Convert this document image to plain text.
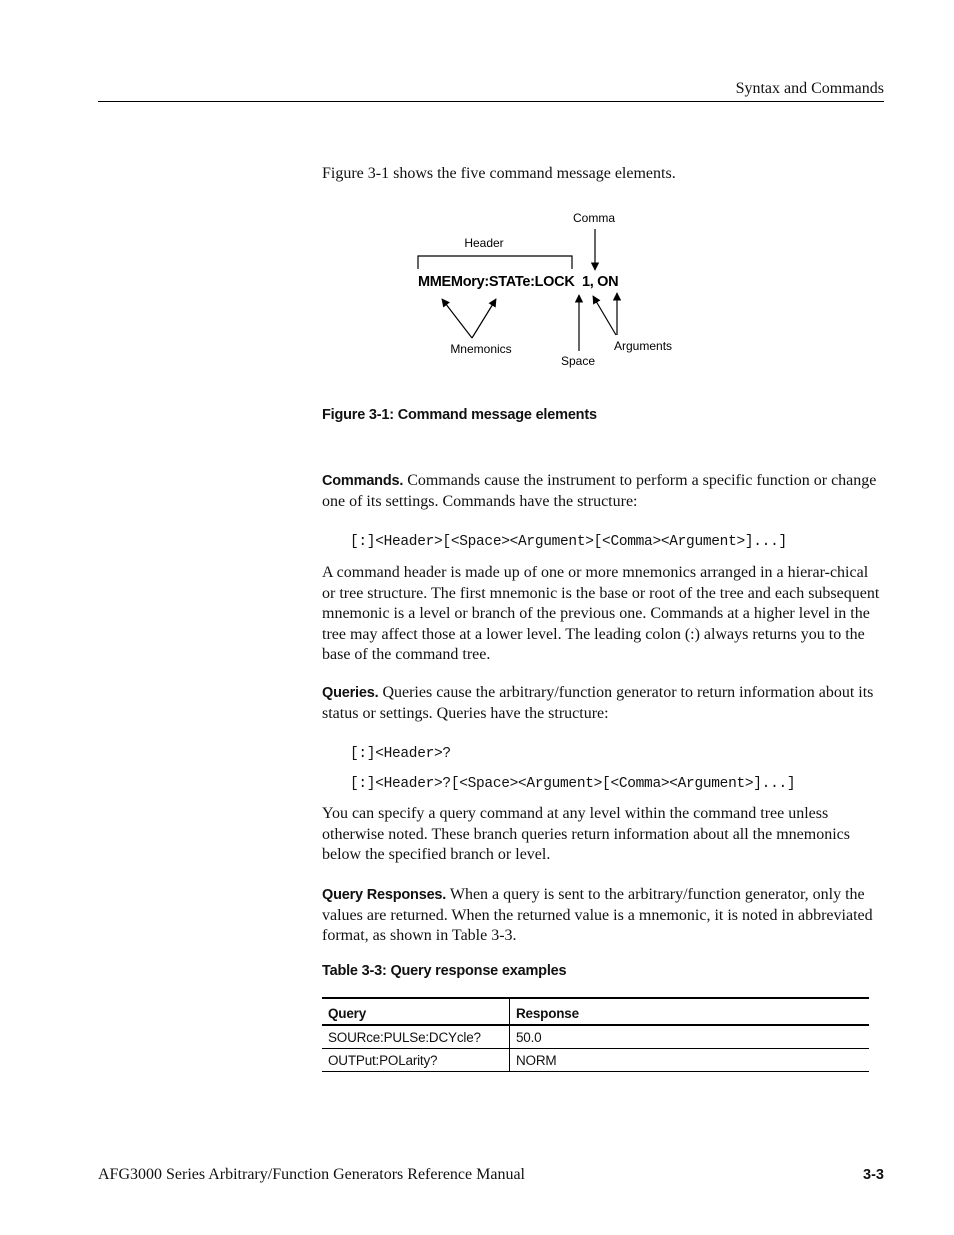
Syntax and Commands

Figure 3-1 shows the five command message elements.

Comma
Header
MMEMory:STATe:LOCK  1, ON
Mnemonics
Space
Arguments
Figure 3-1: Command message elements

Commands. Commands cause the instrument to perform a specific function or change one of its settings. Commands have the structure:

[:]<Header>[<Space><Argument>[<Comma><Argument>]...]

A command header is made up of one or more mnemonics arranged in a hierar-chical or tree structure. The first mnemonic is the base or root of the tree and each subsequent mnemonic is a level or branch of the previous one. Commands at a higher level in the tree may affect those at a lower level. The leading colon (:) always returns you to the base of the command tree.

Queries. Queries cause the arbitrary/function generator to return information about its status or settings. Queries have the structure:

[:]<Header>?
[:]<Header>?[<Space><Argument>[<Comma><Argument>]...]

You can specify a query command at any level within the command tree unless otherwise noted. These branch queries return information about all the mnemonics below the specified branch or level.

Query Responses. When a query is sent to the arbitrary/function generator, only the values are returned. When the returned value is a mnemonic, it is noted in abbreviated format, as shown in Table 3-3.

Table 3-3: Query response examples
Query	Response
SOURce:PULSe:DCYcle?	50.0
OUTPut:POLarity?	NORM
AFG3000 Series Arbitrary/Function Generators Reference Manual	3-3
